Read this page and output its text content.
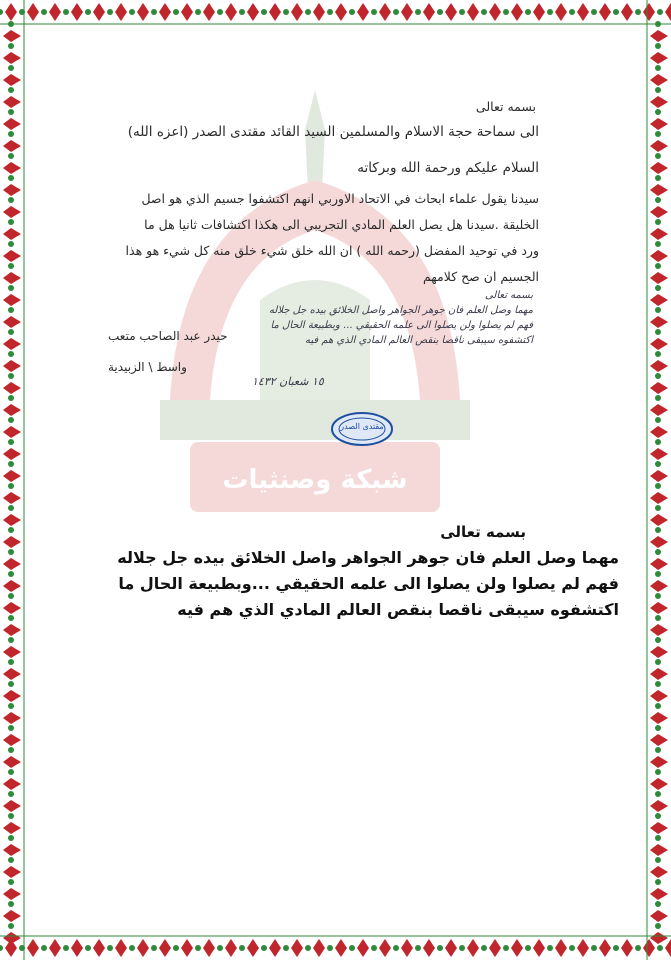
شبكة وصنثيات
بسمه تعالى
الى سماحة حجة الاسلام والمسلمين السيد القائد مقتدى الصدر (اعزه الله)
السلام عليكم ورحمة الله وبركاته
سيدنا يقول علماء ابحاث في الاتحاد الاوربي انهم اكتشفوا جسيم الذي هو اصل
الخليقة .سيدنا هل يصل العلم المادي التجريبي الى هكذا اكتشافات ثانيا هل ما
ورد في توحيد المفضل (رحمه الله ) ان الله خلق شيء خلق منه كل شيء هو هذا
الجسيم ان صح كلامهم
حيدر عبد الصاحب متعب
واسط \ الزبيدية
بسمه تعالى
مهما وصل العلم فان جوهر الجواهر واصل الخلائق بيده جل جلاله
فهم لم يصلوا ولن يصلوا الى علمه الحقيقي ... وبطبيعة الحال ما
اكتشفوه سيبقى ناقصا بنقص العالم المادي الذي هم فيه
١٥ شعبان ١٤٣٢
مقتدى الصدر
بسمه تعالى
مهما وصل العلم فان جوهر الجواهر واصل الخلائق بيده جل جلاله
فهم لم يصلوا ولن يصلوا الى علمه الحقيقي ...وبطبيعة الحال ما
اكتشفوه سيبقى ناقصا بنقص العالم المادي الذي هم فيه
